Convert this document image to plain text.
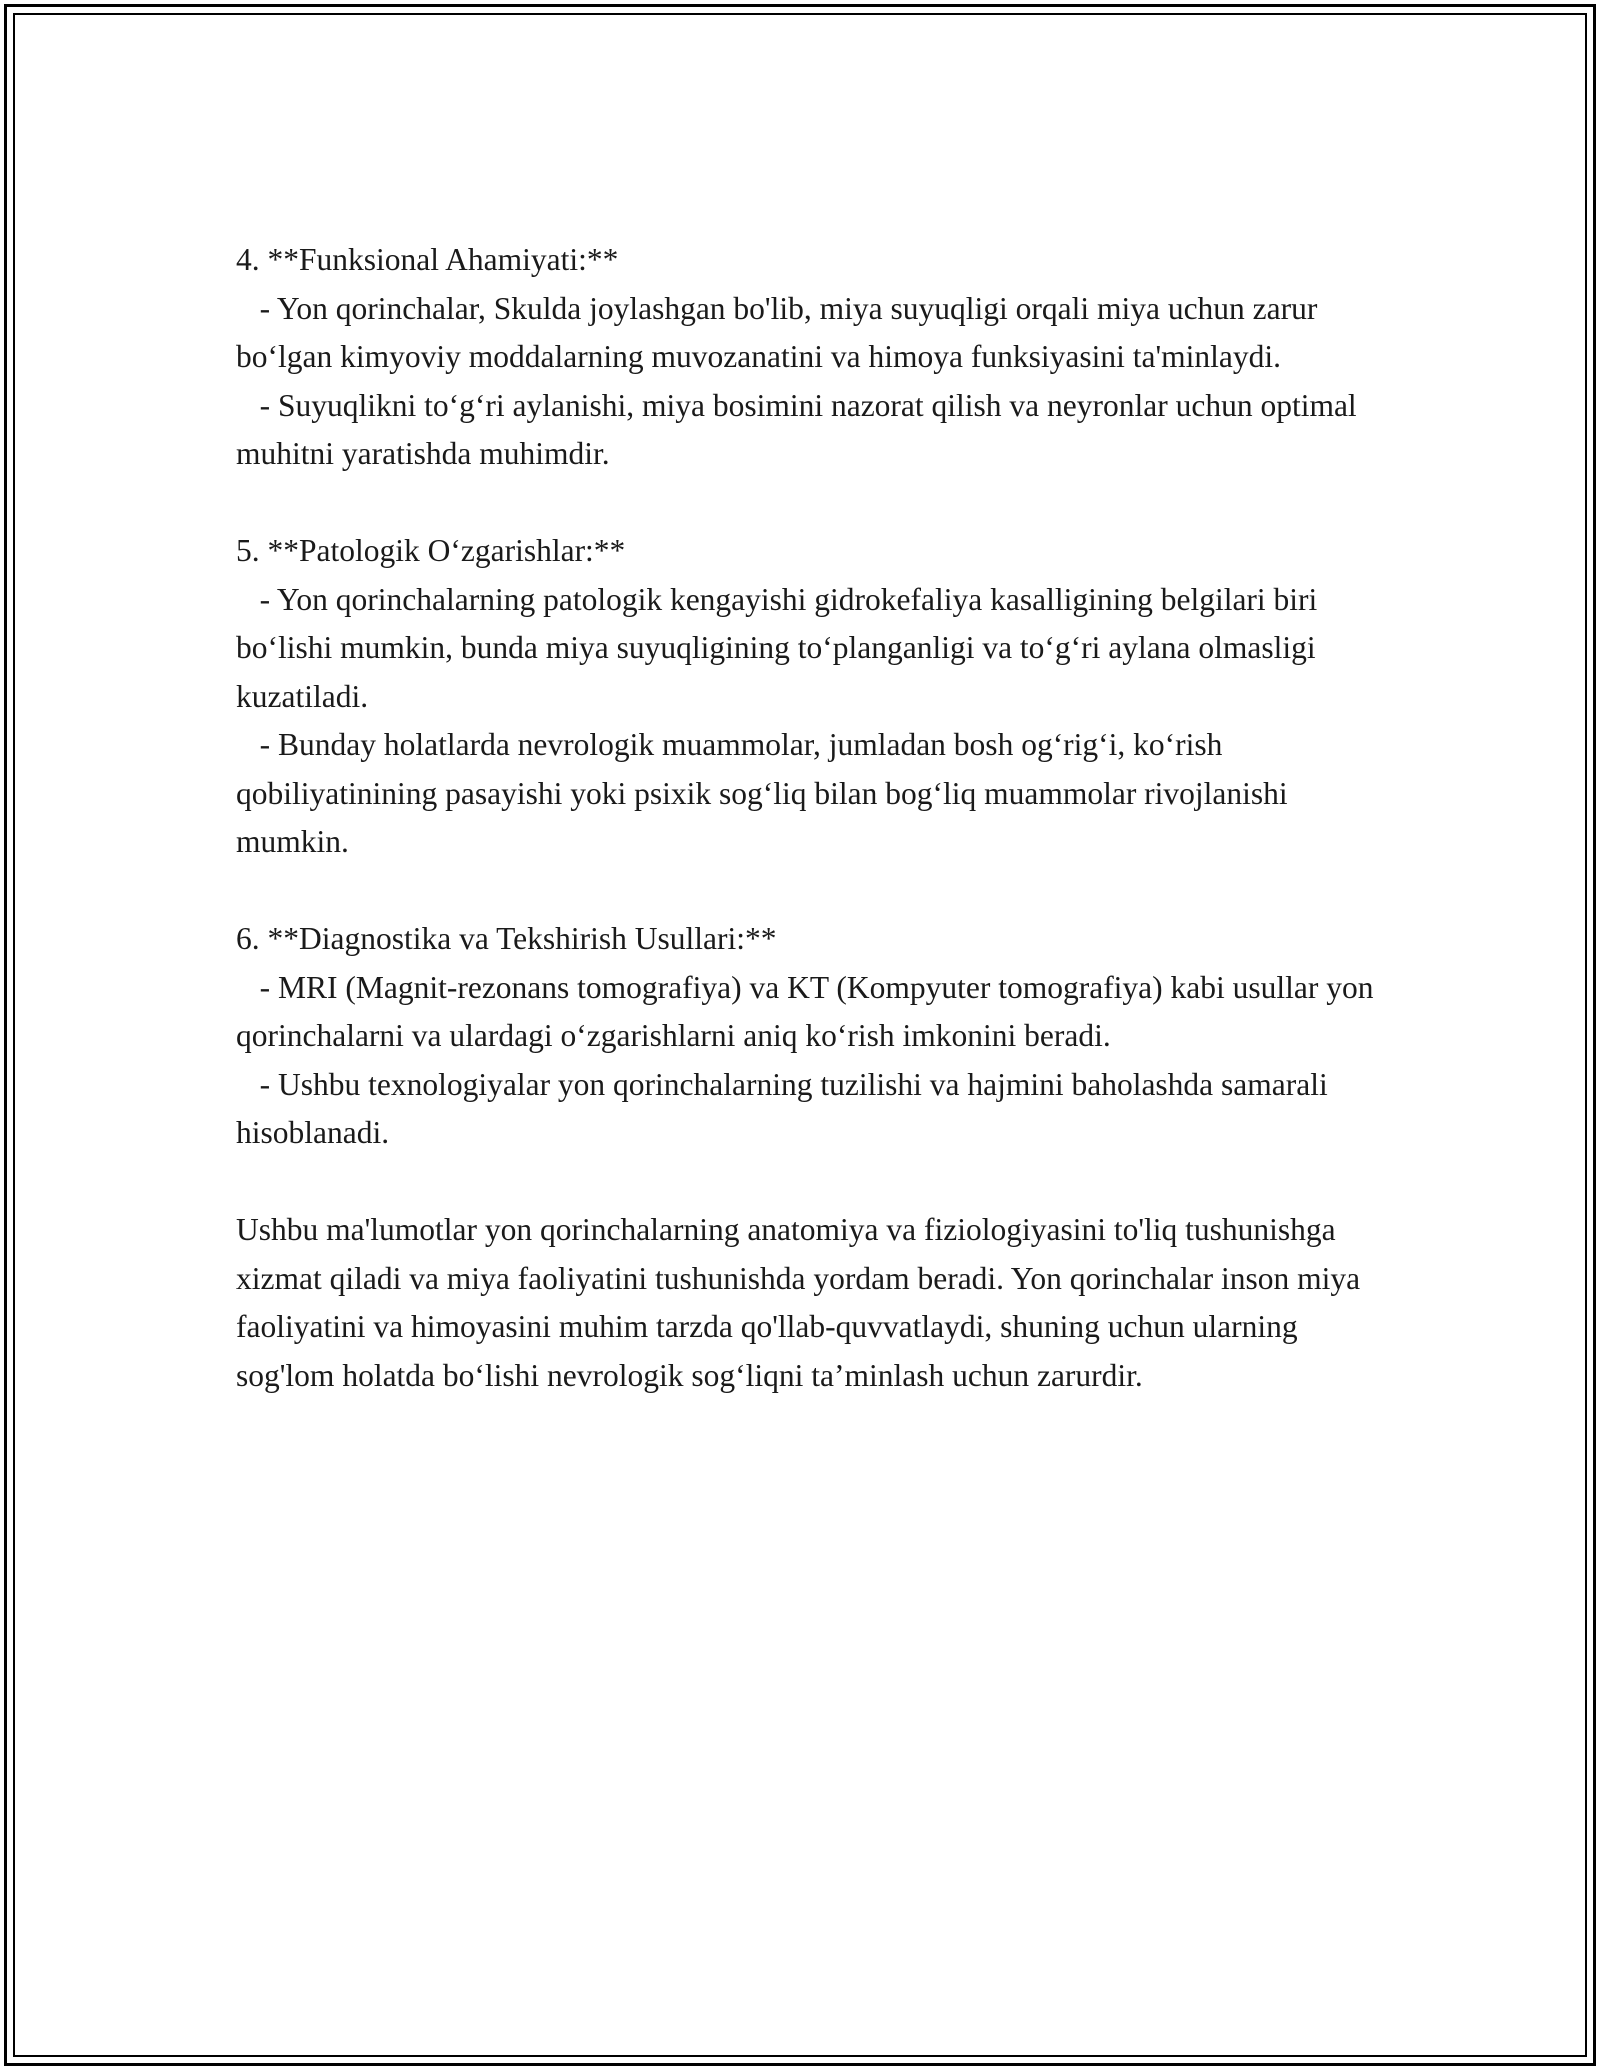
4. **Funksional Ahamiyati:**

- Yon qorinchalar, Skulda joylashgan bo'lib, miya suyuqligi orqali miya uchun zarur bo‘lgan kimyoviy moddalarning muvozanatini va himoya funksiyasini ta'minlaydi.

- Suyuqlikni to‘g‘ri aylanishi, miya bosimini nazorat qilish va neyronlar uchun optimal muhitni yaratishda muhimdir.

5. **Patologik O‘zgarishlar:**

- Yon qorinchalarning patologik kengayishi gidrokefaliya kasalligining belgilari biri bo‘lishi mumkin, bunda miya suyuqligining to‘planganligi va to‘g‘ri aylana olmasligi kuzatiladi.

- Bunday holatlarda nevrologik muammolar, jumladan bosh og‘rig‘i, ko‘rish qobiliyatinining pasayishi yoki psixik sog‘liq bilan bog‘liq muammolar rivojlanishi mumkin.

6. **Diagnostika va Tekshirish Usullari:**

- MRI (Magnit-rezonans tomografiya) va KT (Kompyuter tomografiya) kabi usullar yon qorinchalarni va ulardagi o‘zgarishlarni aniq ko‘rish imkonini beradi.

- Ushbu texnologiyalar yon qorinchalarning tuzilishi va hajmini baholashda samarali hisoblanadi.

Ushbu ma'lumotlar yon qorinchalarning anatomiya va fiziologiyasini to'liq tushunishga xizmat qiladi va miya faoliyatini tushunishda yordam beradi. Yon qorinchalar inson miya faoliyatini va himoyasini muhim tarzda qo'llab-quvvatlaydi, shuning uchun ularning sog'lom holatda bo‘lishi nevrologik sog‘liqni ta’minlash uchun zarurdir.
